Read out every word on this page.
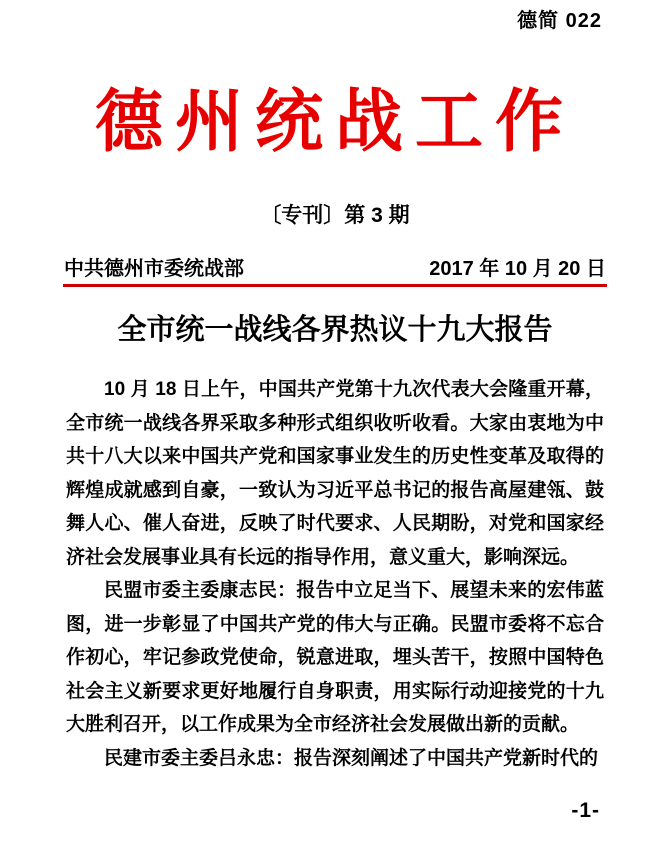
德简 022
德州统战工作
〔专刊〕第 3 期
中共德州市委统战部	2017 年 10 月 20 日
全市统一战线各界热议十九大报告

10 月 18 日上午，中国共产党第十九次代表大会隆重开幕，全市统一战线各界采取多种形式组织收听收看。大家由衷地为中共十八大以来中国共产党和国家事业发生的历史性变革及取得的辉煌成就感到自豪，一致认为习近平总书记的报告高屋建瓴、鼓舞人心、催人奋进，反映了时代要求、人民期盼，对党和国家经济社会发展事业具有长远的指导作用，意义重大，影响深远。

民盟市委主委康志民：报告中立足当下、展望未来的宏伟蓝图，进一步彰显了中国共产党的伟大与正确。民盟市委将不忘合作初心，牢记参政党使命，锐意进取，埋头苦干，按照中国特色社会主义新要求更好地履行自身职责，用实际行动迎接党的十九大胜利召开，以工作成果为全市经济社会发展做出新的贡献。

民建市委主委吕永忠：报告深刻阐述了中国共产党新时代的

-1-
